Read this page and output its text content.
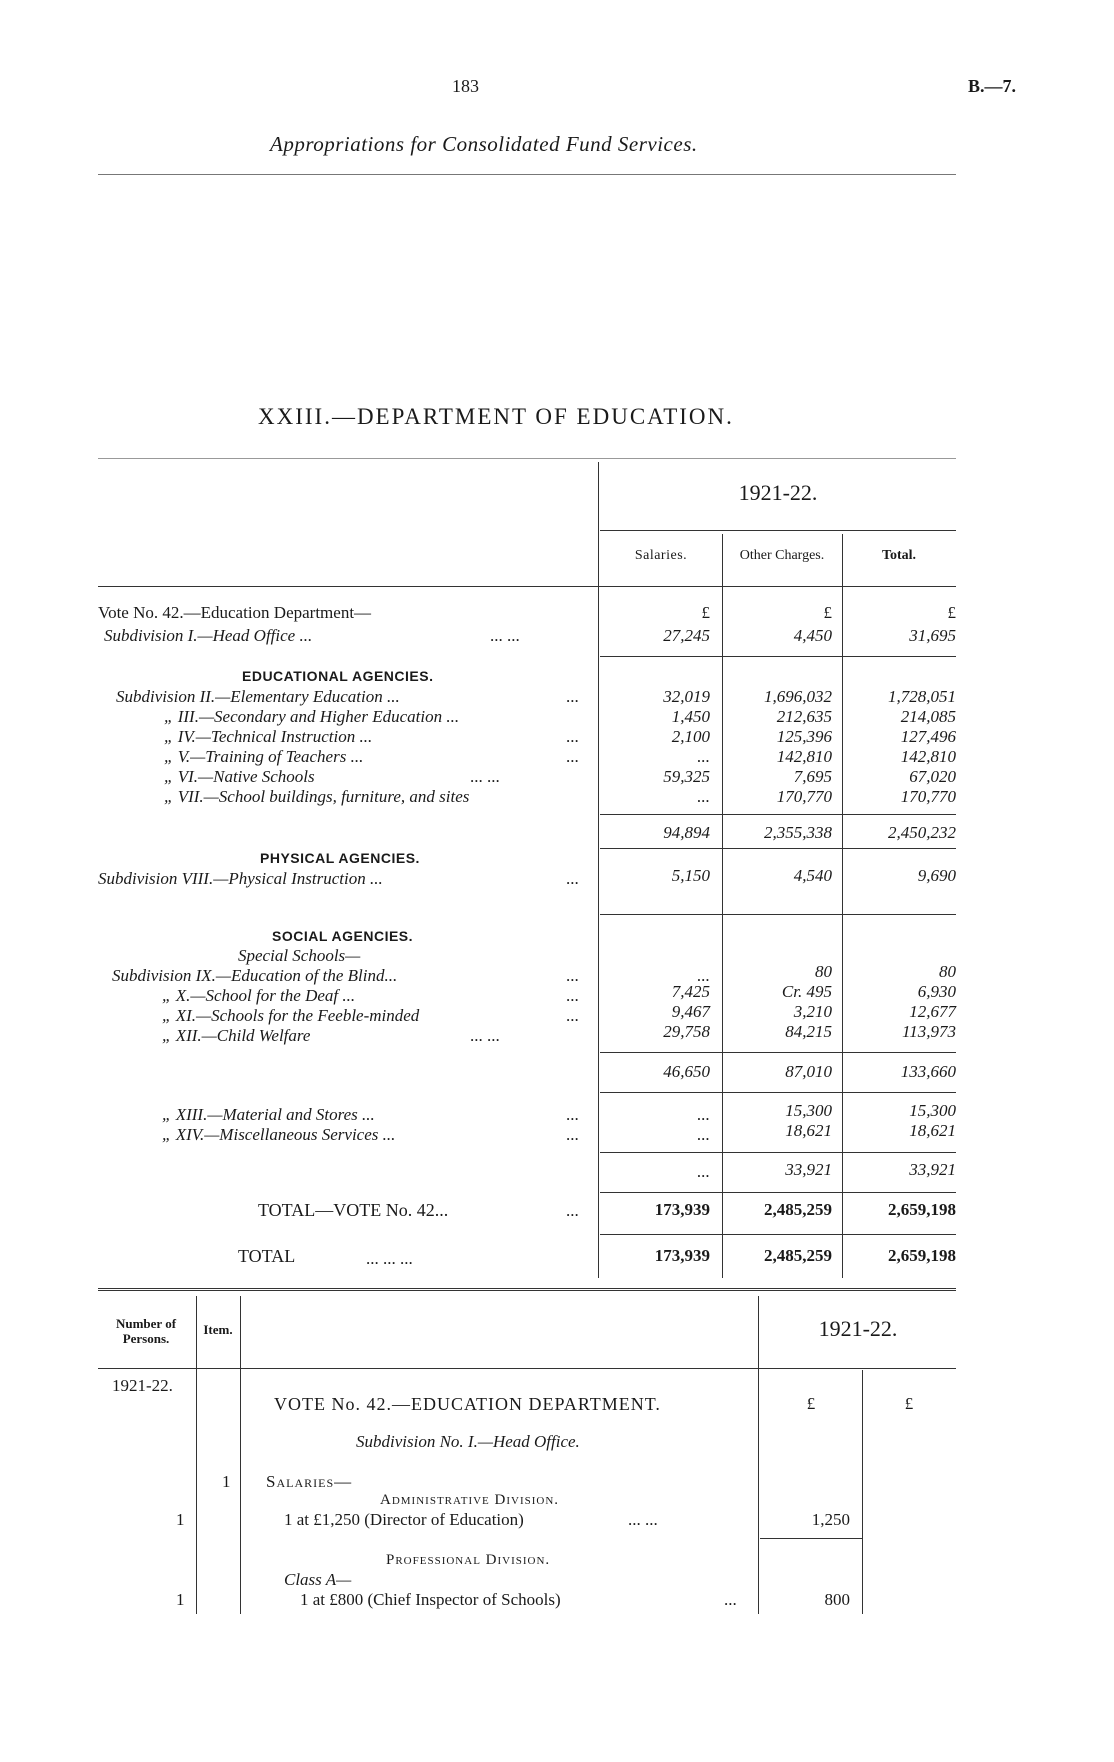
183	B.—7.
Appropriations for Consolidated Fund Services.
XXIII.—DEPARTMENT OF EDUCATION.
1921-22.
Salaries.	Other Charges.	Total.
Vote No. 42.—Education Department—	£	£	£
Subdivision I.—Head Office ...	... ...	27,245	4,450	31,695
EDUCATIONAL AGENCIES.
Subdivision II.—Elementary Education ...	...	32,019	1,696,032	1,728,051
„ III.—Secondary and Higher Education ...	1,450	212,635	214,085
„ IV.—Technical Instruction ...	...	2,100	125,396	127,496
„ V.—Training of Teachers ...	...	...	142,810	142,810
„ VI.—Native Schools	... ...	59,325	7,695	67,020
„ VII.—School buildings, furniture, and sites	...	170,770	170,770
94,894	2,355,338	2,450,232
PHYSICAL AGENCIES.
Subdivision VIII.—Physical Instruction ...	...	5,150	4,540	9,690
SOCIAL AGENCIES.
Special Schools—
Subdivision IX.—Education of the Blind...	...	...	80	80
„ X.—School for the Deaf ...	...	7,425	Cr. 495	6,930
„ XI.—Schools for the Feeble-minded	...	9,467	3,210	12,677
„ XII.—Child Welfare	... ...	29,758	84,215	113,973
46,650	87,010	133,660
„ XIII.—Material and Stores ...	...	...	15,300	15,300
„ XIV.—Miscellaneous Services ...	...	...	18,621	18,621
...	33,921	33,921
TOTAL—VOTE No. 42...	...	173,939	2,485,259	2,659,198
TOTAL	... ... ...	173,939	2,485,259	2,659,198
Number of Persons.
Item.	1921-22.
1921-22.
VOTE No. 42.—EDUCATION DEPARTMENT.	£	£
Subdivision No. I.—Head Office.
1 Salaries—
Administrative Division.
1	1 at £1,250 (Director of Education)	... ...	1,250
Professional Division.
Class A—
1	1 at £800 (Chief Inspector of Schools)	...	800
